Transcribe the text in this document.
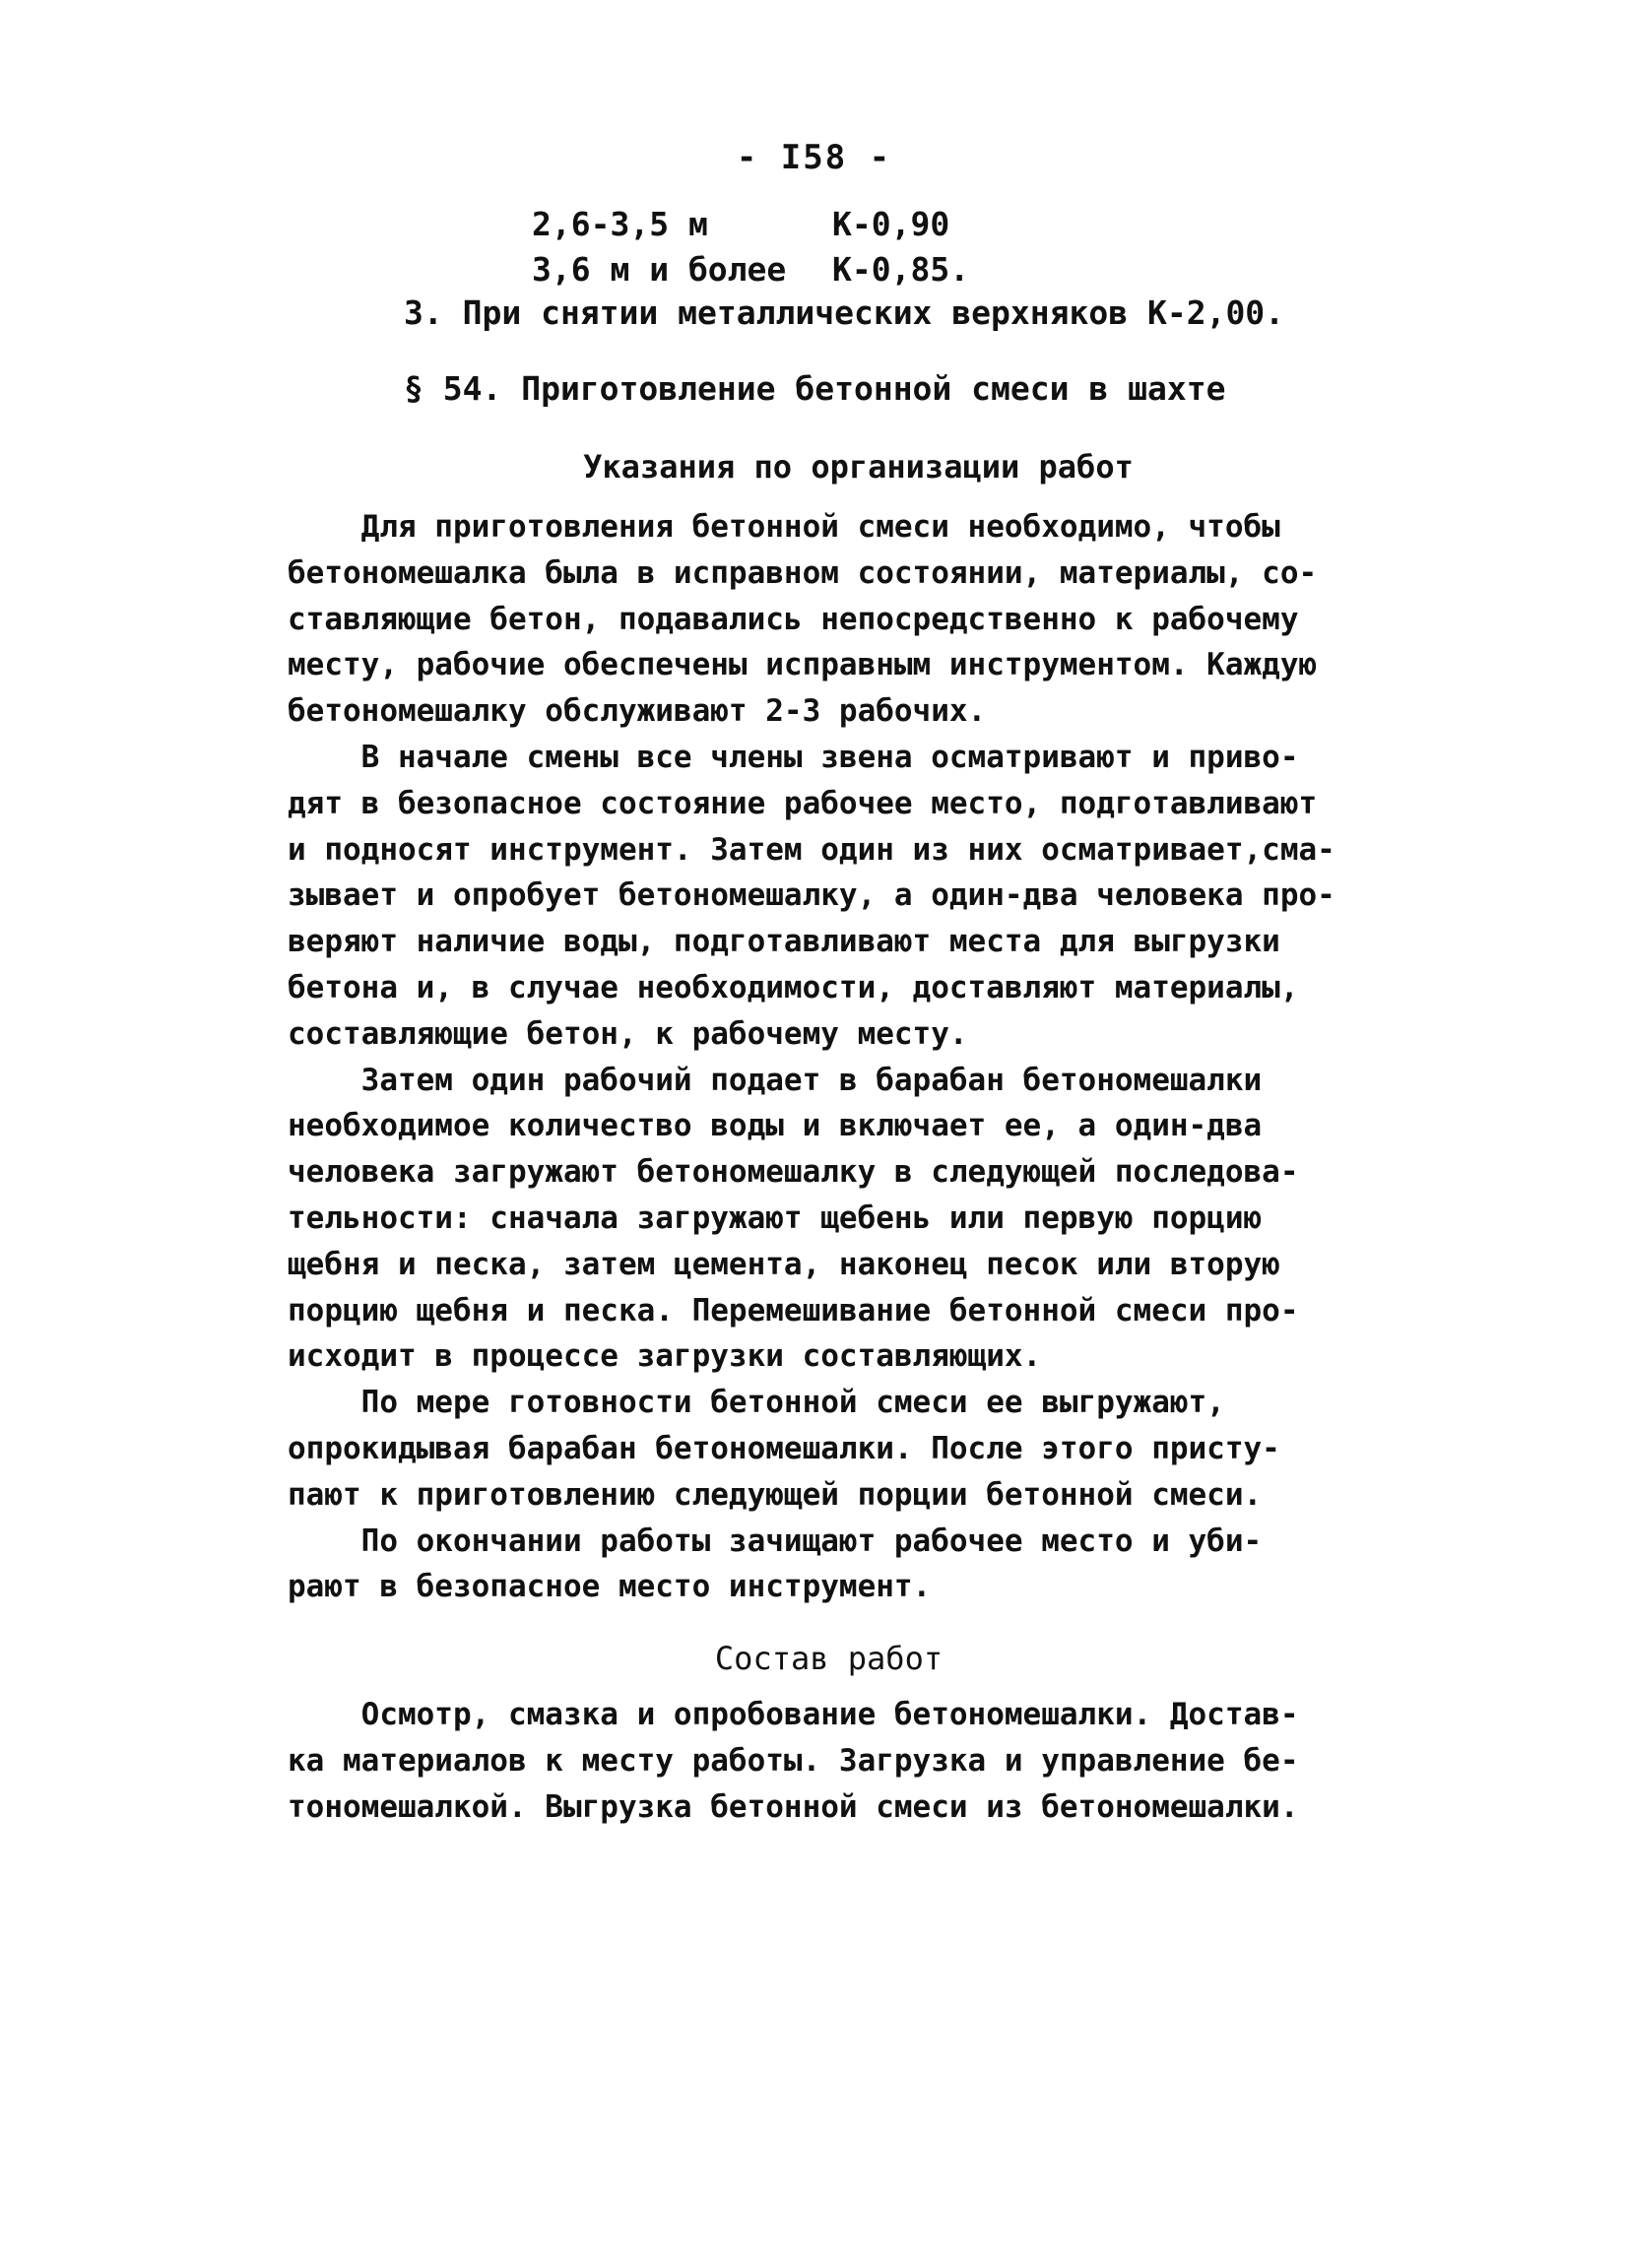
- I58 -
2,6-3,5 м	К-0,90
3,6 м и более	К-0,85.
3. При снятии металлических верхняков К-2,00.
§ 54. Приготовление бетонной смеси в шахте
Указания по организации работ

Для приготовления бетонной смеси необходимо, чтобы
бетономешалка была в исправном состоянии, материалы, со-
ставляющие бетон, подавались непосредственно к рабочему
месту, рабочие обеспечены исправным инструментом. Каждую
бетономешалку обслуживают 2-3 рабочих.

В начале смены все члены звена осматривают и приво-
дят в безопасное состояние рабочее место, подготавливают
и подносят инструмент. Затем один из них осматривает,сма-
зывает и опробует бетономешалку, а один-два человека про-
веряют наличие воды, подготавливают места для выгрузки
бетона и, в случае необходимости, доставляют материалы,
составляющие бетон, к рабочему месту.

Затем один рабочий подает в барабан бетономешалки
необходимое количество воды и включает ее, а один-два
человека загружают бетономешалку в следующей последова-
тельности: сначала загружают щебень или первую порцию
щебня и песка, затем цемента, наконец песок или вторую
порцию щебня и песка. Перемешивание бетонной смеси про-
исходит в процессе загрузки составляющих.

По мере готовности бетонной смеси ее выгружают,
опрокидывая барабан бетономешалки. После этого присту-
пают к приготовлению следующей порции бетонной смеси.

По окончании работы зачищают рабочее место и уби-
рают в безопасное место инструмент.

Состав работ

Осмотр, смазка и опробование бетономешалки. Достав-
ка материалов к месту работы. Загрузка и управление бе-
тономешалкой. Выгрузка бетонной смеси из бетономешалки.
